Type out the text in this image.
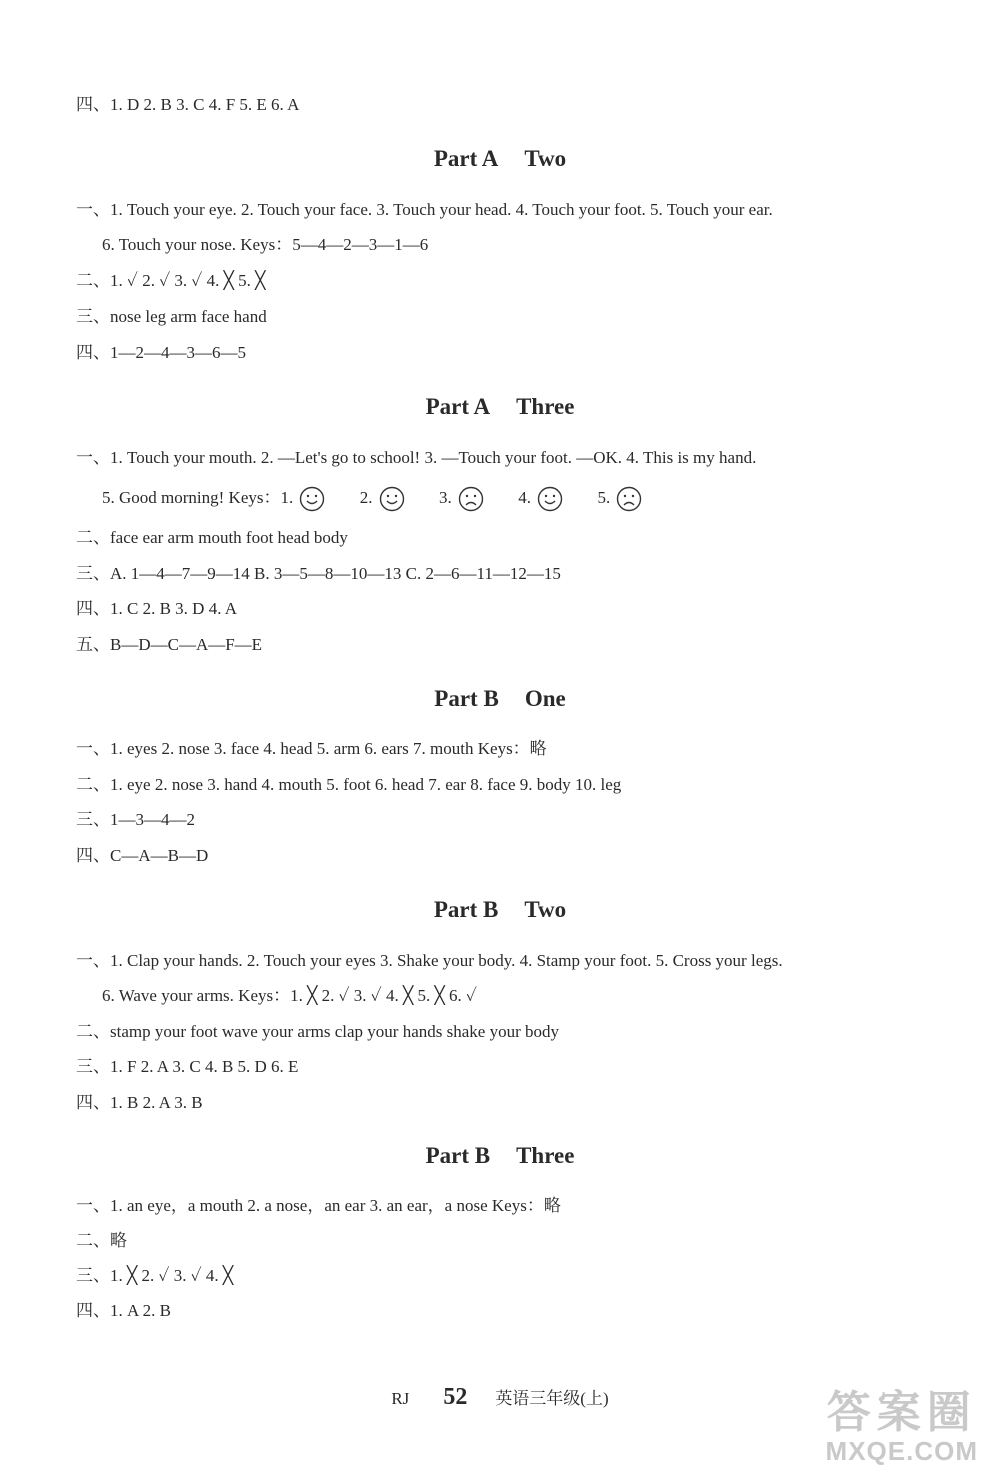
四、1. D 2. B 3. C 4. F 5. E 6. A
Part A Two
一、1. Touch your eye. 2. Touch your face. 3. Touch your head. 4. Touch your foot. 5. Touch your ear.
6. Touch your nose. Keys：5—4—2—3—1—6
二、1. ✓ 2. ✓ 3. ✓ 4. ╳ 5. ╳
三、nose leg arm face hand
四、1—2—4—3—6—5
Part A Three
一、1. Touch your mouth. 2. —Let's go to school! 3. —Touch your foot. —OK. 4. This is my hand.
5. Good morning! Keys：1.	2.	3.	4.	5.
二、face ear arm mouth foot head body
三、A. 1—4—7—9—14 B. 3—5—8—10—13 C. 2—6—11—12—15
四、1. C 2. B 3. D 4. A
五、B—D—C—A—F—E
Part B One
一、1. eyes 2. nose 3. face 4. head 5. arm 6. ears 7. mouth Keys：略
二、1. eye 2. nose 3. hand 4. mouth 5. foot 6. head 7. ear 8. face 9. body 10. leg
三、1—3—4—2
四、C—A—B—D
Part B Two
一、1. Clap your hands. 2. Touch your eyes 3. Shake your body. 4. Stamp your foot. 5. Cross your legs.
6. Wave your arms. Keys：1. ╳ 2. ✓ 3. ✓ 4. ╳ 5. ╳ 6. ✓
二、stamp your foot wave your arms clap your hands shake your body
三、1. F 2. A 3. C 4. B 5. D 6. E
四、1. B 2. A 3. B
Part B Three
一、1. an eye，a mouth 2. a nose，an ear 3. an ear，a nose Keys：略
二、略
三、1. ╳ 2. ✓ 3. ✓ 4. ╳
四、1. A 2. B
RJ 52 英语三年级(上)	答案圈
MXQE.COM
